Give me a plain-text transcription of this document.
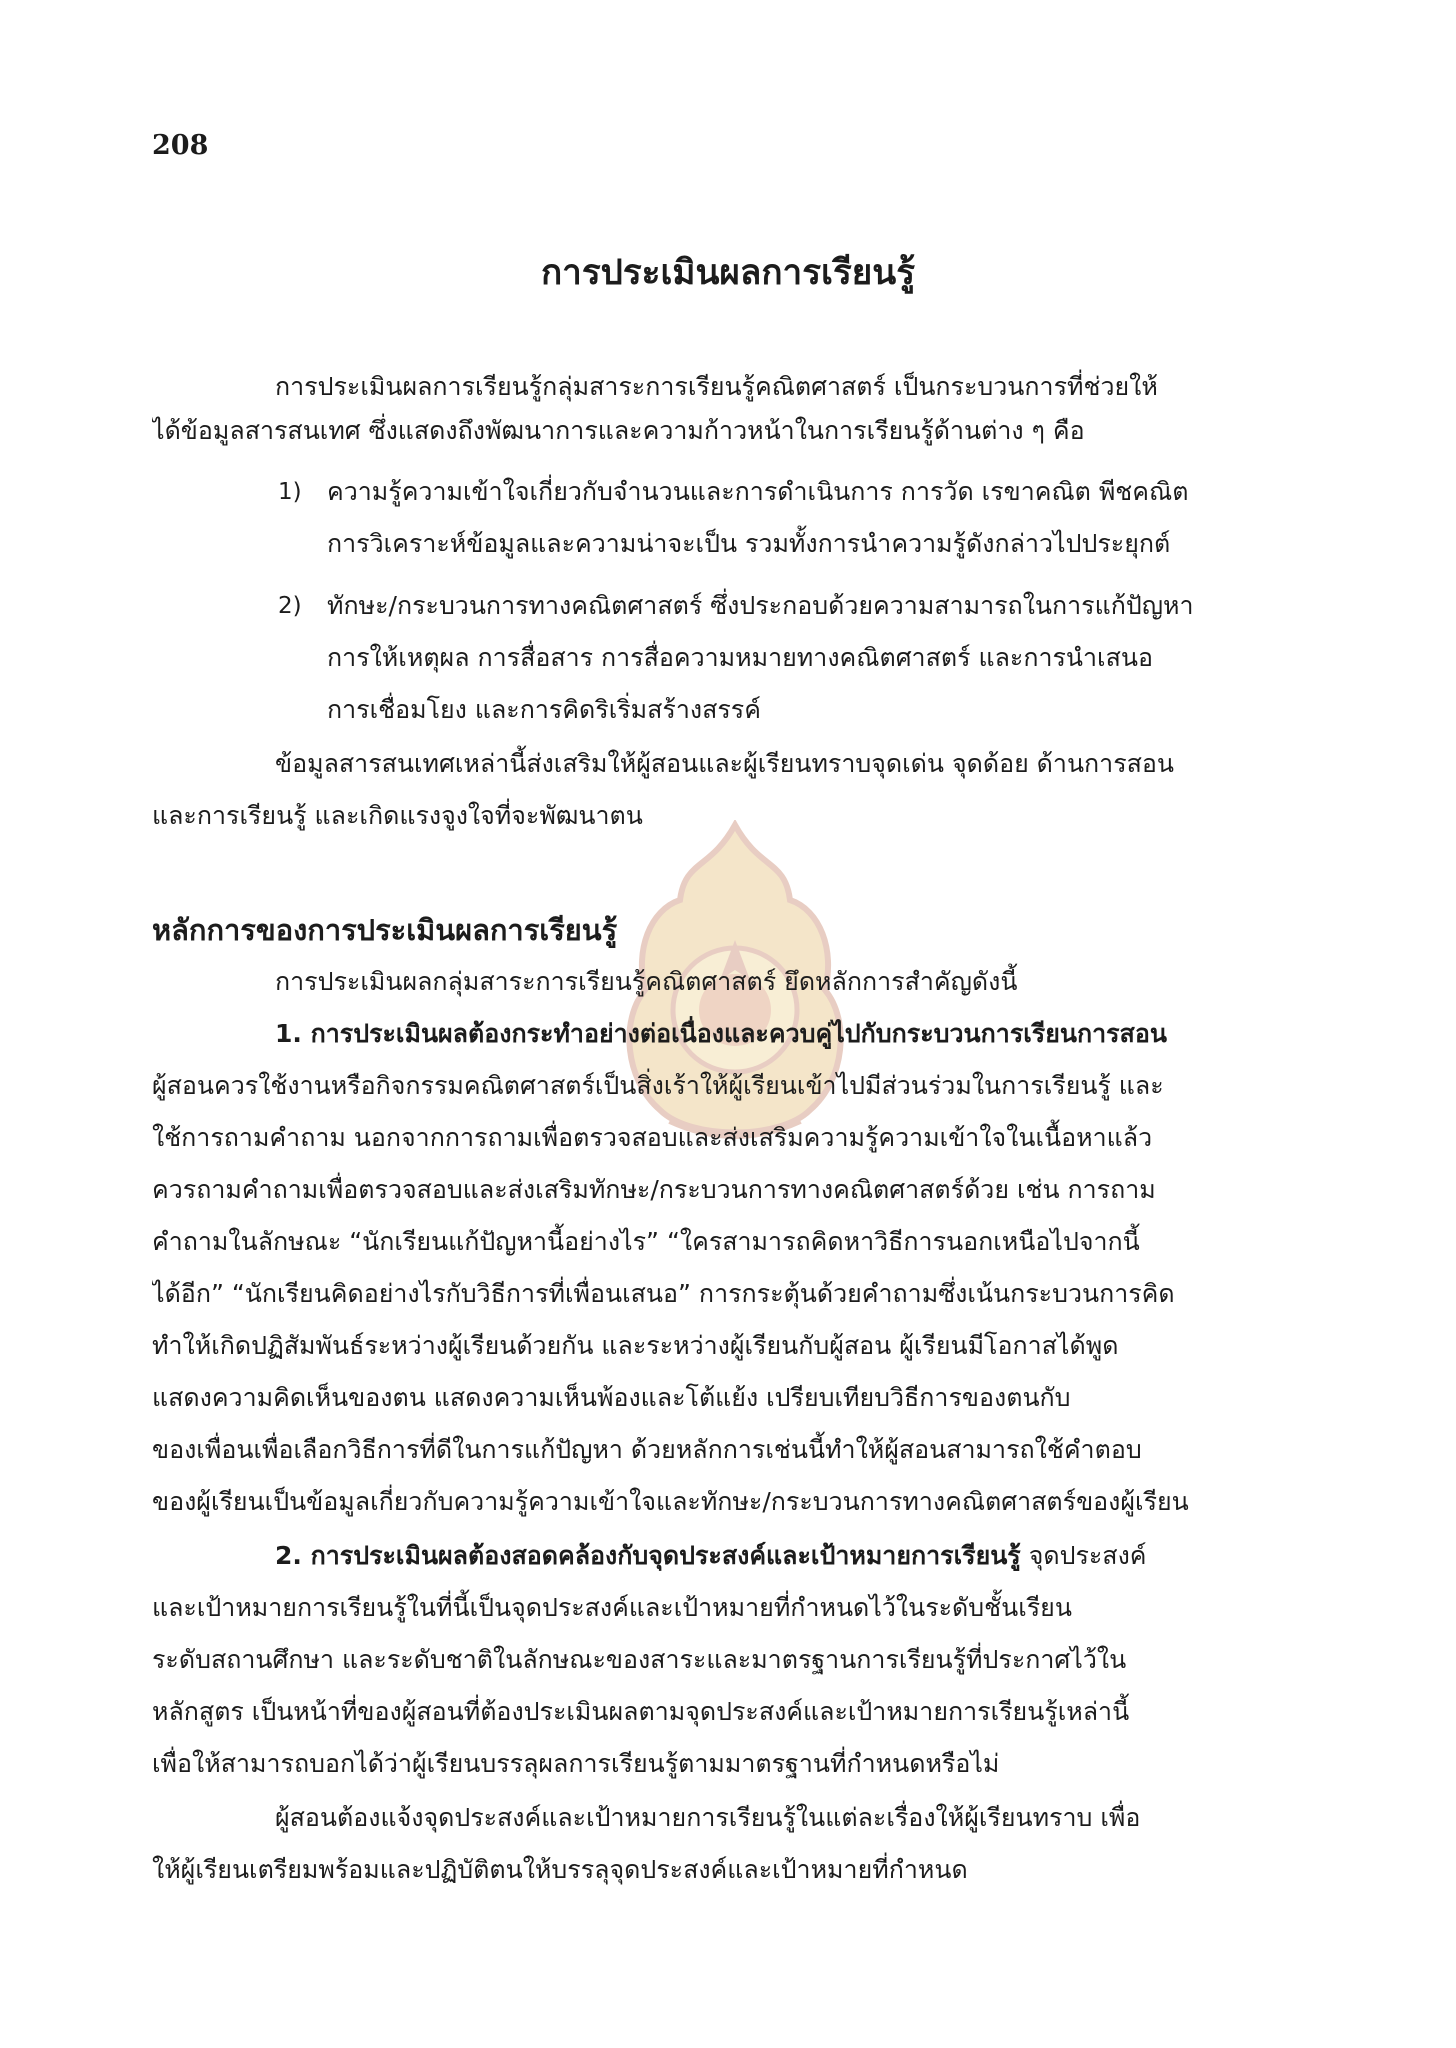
208
การประเมินผลการเรียนรู้
การประเมินผลการเรียนรู้กลุ่มสาระการเรียนรู้คณิตศาสตร์ เป็นกระบวนการที่ช่วยให้
ได้ข้อมูลสารสนเทศ ซึ่งแสดงถึงพัฒนาการและความก้าวหน้าในการเรียนรู้ด้านต่าง ๆ คือ
1) ความรู้ความเข้าใจเกี่ยวกับจำนวนและการดำเนินการ การวัด เรขาคณิต พีชคณิต
การวิเคราะห์ข้อมูลและความน่าจะเป็น รวมทั้งการนำความรู้ดังกล่าวไปประยุกต์
2) ทักษะ/กระบวนการทางคณิตศาสตร์ ซึ่งประกอบด้วยความสามารถในการแก้ปัญหา
การให้เหตุผล การสื่อสาร การสื่อความหมายทางคณิตศาสตร์ และการนำเสนอ
การเชื่อมโยง และการคิดริเริ่มสร้างสรรค์
ข้อมูลสารสนเทศเหล่านี้ส่งเสริมให้ผู้สอนและผู้เรียนทราบจุดเด่น จุดด้อย ด้านการสอน
และการเรียนรู้ และเกิดแรงจูงใจที่จะพัฒนาตน
หลักการของการประเมินผลการเรียนรู้
การประเมินผลกลุ่มสาระการเรียนรู้คณิตศาสตร์ ยึดหลักการสำคัญดังนี้
1. การประเมินผลต้องกระทำอย่างต่อเนื่องและควบคู่ไปกับกระบวนการเรียนการสอน
ผู้สอนควรใช้งานหรือกิจกรรมคณิตศาสตร์เป็นสิ่งเร้าให้ผู้เรียนเข้าไปมีส่วนร่วมในการเรียนรู้ และ
ใช้การถามคำถาม นอกจากการถามเพื่อตรวจสอบและส่งเสริมความรู้ความเข้าใจในเนื้อหาแล้ว
ควรถามคำถามเพื่อตรวจสอบและส่งเสริมทักษะ/กระบวนการทางคณิตศาสตร์ด้วย เช่น การถาม
คำถามในลักษณะ “นักเรียนแก้ปัญหานี้อย่างไร” “ใครสามารถคิดหาวิธีการนอกเหนือไปจากนี้
ได้อีก” “นักเรียนคิดอย่างไรกับวิธีการที่เพื่อนเสนอ” การกระตุ้นด้วยคำถามซึ่งเน้นกระบวนการคิด
ทำให้เกิดปฏิสัมพันธ์ระหว่างผู้เรียนด้วยกัน และระหว่างผู้เรียนกับผู้สอน ผู้เรียนมีโอกาสได้พูด
แสดงความคิดเห็นของตน แสดงความเห็นพ้องและโต้แย้ง เปรียบเทียบวิธีการของตนกับ
ของเพื่อนเพื่อเลือกวิธีการที่ดีในการแก้ปัญหา ด้วยหลักการเช่นนี้ทำให้ผู้สอนสามารถใช้คำตอบ
ของผู้เรียนเป็นข้อมูลเกี่ยวกับความรู้ความเข้าใจและทักษะ/กระบวนการทางคณิตศาสตร์ของผู้เรียน
2. การประเมินผลต้องสอดคล้องกับจุดประสงค์และเป้าหมายการเรียนรู้ จุดประสงค์
และเป้าหมายการเรียนรู้ในที่นี้เป็นจุดประสงค์และเป้าหมายที่กำหนดไว้ในระดับชั้นเรียน
ระดับสถานศึกษา และระดับชาติในลักษณะของสาระและมาตรฐานการเรียนรู้ที่ประกาศไว้ใน
หลักสูตร เป็นหน้าที่ของผู้สอนที่ต้องประเมินผลตามจุดประสงค์และเป้าหมายการเรียนรู้เหล่านี้
เพื่อให้สามารถบอกได้ว่าผู้เรียนบรรลุผลการเรียนรู้ตามมาตรฐานที่กำหนดหรือไม่
ผู้สอนต้องแจ้งจุดประสงค์และเป้าหมายการเรียนรู้ในแต่ละเรื่องให้ผู้เรียนทราบ เพื่อ
ให้ผู้เรียนเตรียมพร้อมและปฏิบัติตนให้บรรลุจุดประสงค์และเป้าหมายที่กำหนด
